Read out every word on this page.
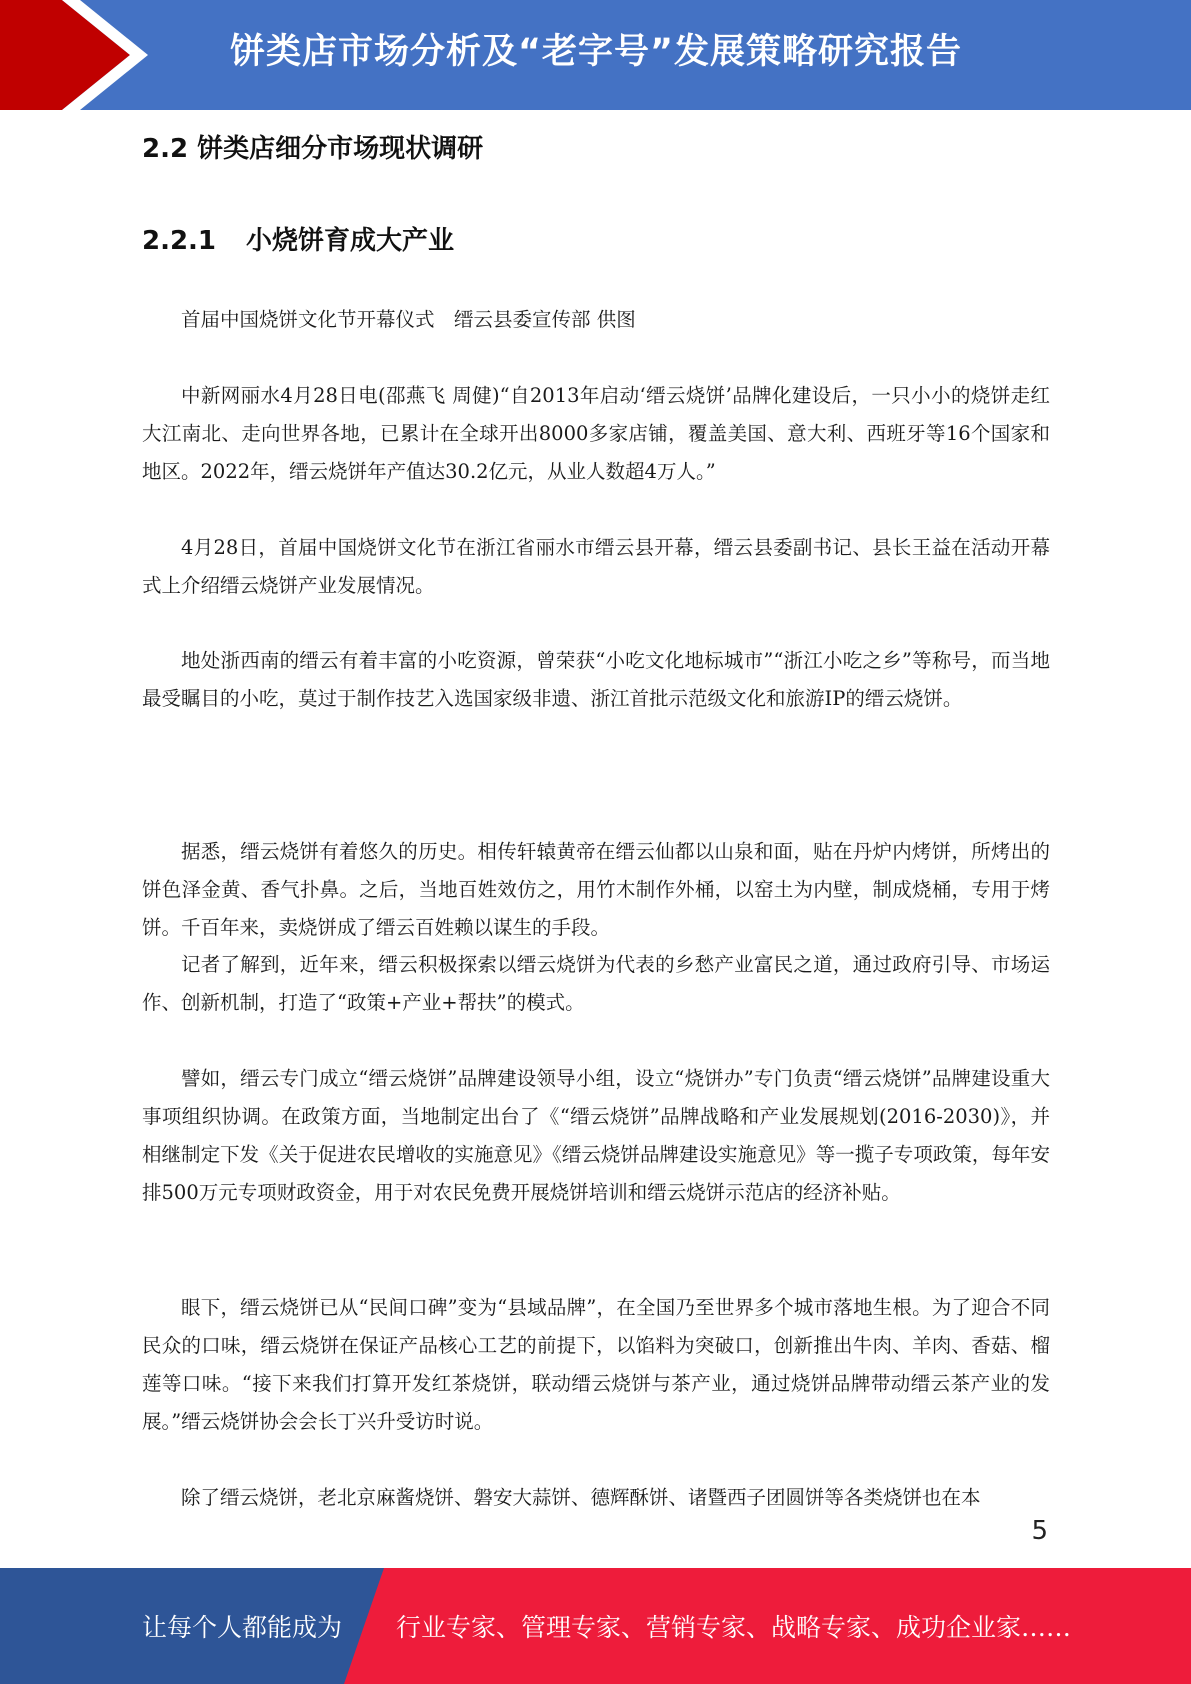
饼类店市场分析及“老字号”发展策略研究报告
2.2 饼类店细分市场现状调研
2.2.1 小烧饼育成大产业

首届中国烧饼文化节开幕仪式　缙云县委宣传部 供图

中新网丽水4月28日电(邵燕飞 周健)“自2013年启动‘缙云烧饼’品牌化建设后，一只小小的烧饼走红大江南北、走向世界各地，已累计在全球开出8000多家店铺，覆盖美国、意大利、西班牙等16个国家和地区。2022年，缙云烧饼年产值达30.2亿元，从业人数超4万人。”

4月28日，首届中国烧饼文化节在浙江省丽水市缙云县开幕，缙云县委副书记、县长王益在活动开幕式上介绍缙云烧饼产业发展情况。

地处浙西南的缙云有着丰富的小吃资源，曾荣获“小吃文化地标城市”“浙江小吃之乡”等称号，而当地最受瞩目的小吃，莫过于制作技艺入选国家级非遗、浙江首批示范级文化和旅游IP的缙云烧饼。

据悉，缙云烧饼有着悠久的历史。相传轩辕黄帝在缙云仙都以山泉和面，贴在丹炉内烤饼，所烤出的饼色泽金黄、香气扑鼻。之后，当地百姓效仿之，用竹木制作外桶，以窑土为内壁，制成烧桶，专用于烤饼。千百年来，卖烧饼成了缙云百姓赖以谋生的手段。

记者了解到，近年来，缙云积极探索以缙云烧饼为代表的乡愁产业富民之道，通过政府引导、市场运作、创新机制，打造了“政策+产业+帮扶”的模式。

譬如，缙云专门成立“缙云烧饼”品牌建设领导小组，设立“烧饼办”专门负责“缙云烧饼”品牌建设重大事项组织协调。在政策方面，当地制定出台了《“缙云烧饼”品牌战略和产业发展规划(2016-2030)》，并相继制定下发《关于促进农民增收的实施意见》《缙云烧饼品牌建设实施意见》等一揽子专项政策，每年安排500万元专项财政资金，用于对农民免费开展烧饼培训和缙云烧饼示范店的经济补贴。

眼下，缙云烧饼已从“民间口碑”变为“县域品牌”，在全国乃至世界多个城市落地生根。为了迎合不同民众的口味，缙云烧饼在保证产品核心工艺的前提下，以馅料为突破口，创新推出牛肉、羊肉、香菇、榴莲等口味。“接下来我们打算开发红茶烧饼，联动缙云烧饼与茶产业，通过烧饼品牌带动缙云茶产业的发展。”缙云烧饼协会会长丁兴升受访时说。

除了缙云烧饼，老北京麻酱烧饼、磐安大蒜饼、德辉酥饼、诸暨西子团圆饼等各类烧饼也在本

5
让每个人都能成为 行业专家、管理专家、营销专家、战略专家、成功企业家……
